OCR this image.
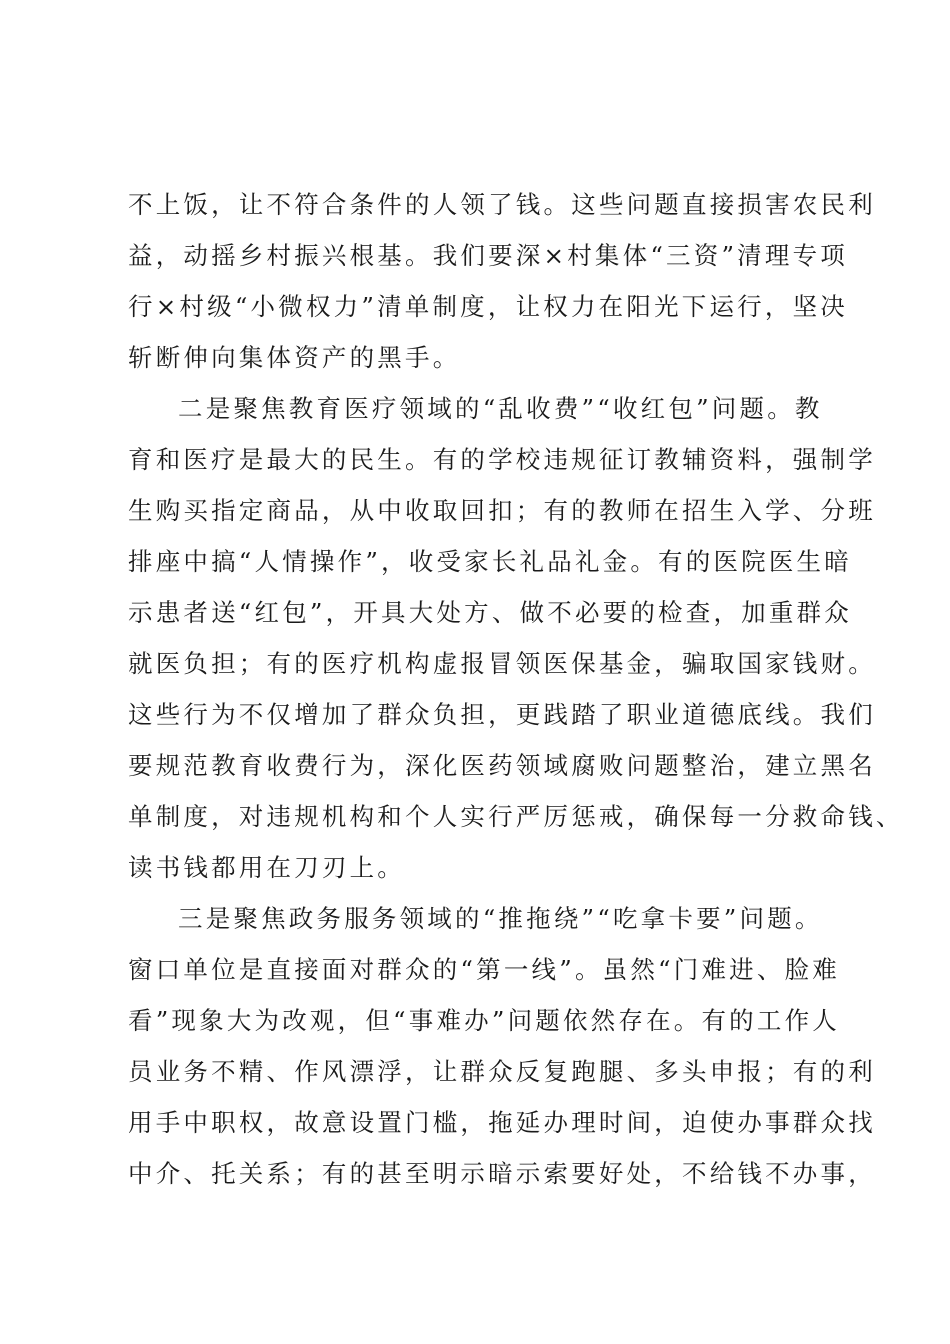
不上饭，让不符合条件的人领了钱。这些问题直接损害农民利
益，动摇乡村振兴根基。我们要深×村集体“三资”清理专项
行×村级“小微权力”清单制度，让权力在阳光下运行，坚决
斩断伸向集体资产的黑手。
二是聚焦教育医疗领域的“乱收费”“收红包”问题。教
育和医疗是最大的民生。有的学校违规征订教辅资料，强制学
生购买指定商品，从中收取回扣；有的教师在招生入学、分班
排座中搞“人情操作”，收受家长礼品礼金。有的医院医生暗
示患者送“红包”，开具大处方、做不必要的检查，加重群众
就医负担；有的医疗机构虚报冒领医保基金，骗取国家钱财。
这些行为不仅增加了群众负担，更践踏了职业道德底线。我们
要规范教育收费行为，深化医药领域腐败问题整治，建立黑名
单制度，对违规机构和个人实行严厉惩戒，确保每一分救命钱、
读书钱都用在刀刃上。
三是聚焦政务服务领域的“推拖绕”“吃拿卡要”问题。
窗口单位是直接面对群众的“第一线”。虽然“门难进、脸难
看”现象大为改观，但“事难办”问题依然存在。有的工作人
员业务不精、作风漂浮，让群众反复跑腿、多头申报；有的利
用手中职权，故意设置门槛，拖延办理时间，迫使办事群众找
中介、托关系；有的甚至明示暗示索要好处，不给钱不办事，
